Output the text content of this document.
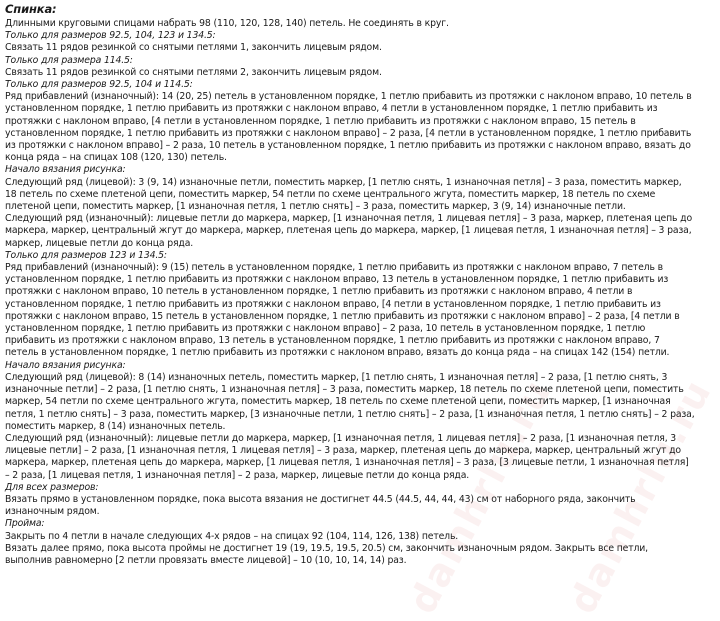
damhrlu.ru damhrlu.ru
Спинка:

Длинными круговыми спицами набрать 98 (110, 120, 128, 140) петель. Не соединять в круг.

Только для размеров 92.5, 104, 123 и 134.5:

Связать 11 рядов резинкой со снятыми петлями 1, закончить лицевым рядом.

Только для размера 114.5:

Связать 11 рядов резинкой со снятыми петлями 2, закончить лицевым рядом.

Только для размеров 92.5, 104 и 114.5:

Ряд прибавлений (изнаночный): 14 (20, 25) петель в установленном порядке, 1 петлю прибавить из протяжки с наклоном вправо, 10 петель в установленном порядке, 1 петлю прибавить из протяжки с наклоном вправо, 4 петли в установленном порядке, 1 петлю прибавить из протяжки с наклоном вправо, [4 петли в установленном порядке, 1 петлю прибавить из протяжки с наклоном вправо, 15 петель в установленном порядке, 1 петлю прибавить из протяжки с наклоном вправо] – 2 раза, [4 петли в установленном порядке, 1 петлю прибавить из протяжки с наклоном вправо] – 2 раза, 10 петель в установленном порядке, 1 петлю прибавить из протяжки с наклоном вправо, вязать до конца ряда – на спицах 108 (120, 130) петель.

Начало вязания рисунка:

Следующий ряд (лицевой): 3 (9, 14) изнаночные петли, поместить маркер, [1 петлю снять, 1 изнаночная петля] – 3 раза, поместить маркер, 18 петель по схеме плетеной цепи, поместить маркер, 54 петли по схеме центрального жгута, поместить маркер, 18 петель по схеме плетеной цепи, поместить маркер, [1 изнаночная петля, 1 петлю снять] – 3 раза, поместить маркер, 3 (9, 14) изнаночные петли.

Следующий ряд (изнаночный): лицевые петли до маркера, маркер, [1 изнаночная петля, 1 лицевая петля] – 3 раза, маркер, плетеная цепь до маркера, маркер, центральный жгут до маркера, маркер, плетеная цепь до маркера, маркер, [1 лицевая петля, 1 изнаночная петля] – 3 раза, маркер, лицевые петли до конца ряда.

Только для размеров 123 и 134.5:

Ряд прибавлений (изнаночный): 9 (15) петель в установленном порядке, 1 петлю прибавить из протяжки с наклоном вправо, 7 петель в установленном порядке, 1 петлю прибавить из протяжки с наклоном вправо, 13 петель в установленном порядке, 1 петлю прибавить из протяжки с наклоном вправо, 10 петель в установленном порядке, 1 петлю прибавить из протяжки с наклоном вправо, 4 петли в установленном порядке, 1 петлю прибавить из протяжки с наклоном вправо, [4 петли в установленном порядке, 1 петлю прибавить из протяжки с наклоном вправо, 15 петель в установленном порядке, 1 петлю прибавить из протяжки с наклоном вправо] – 2 раза, [4 петли в установленном порядке, 1 петлю прибавить из протяжки с наклоном вправо] – 2 раза, 10 петель в установленном порядке, 1 петлю прибавить из протяжки с наклоном вправо, 13 петель в установленном порядке, 1 петлю прибавить из протяжки с наклоном вправо, 7 петель в установленном порядке, 1 петлю прибавить из протяжки с наклоном вправо, вязать до конца ряда – на спицах 142 (154) петли.

Начало вязания рисунка:

Следующий ряд (лицевой): 8 (14) изнаночных петель, поместить маркер, [1 петлю снять, 1 изнаночная петля] – 2 раза, [1 петлю снять, 3 изнаночные петли] – 2 раза, [1 петлю снять, 1 изнаночная петля] – 3 раза, поместить маркер, 18 петель по схеме плетеной цепи, поместить маркер, 54 петли по схеме центрального жгута, поместить маркер, 18 петель по схеме плетеной цепи, поместить маркер, [1 изнаночная петля, 1 петлю снять] – 3 раза, поместить маркер, [3 изнаночные петли, 1 петлю снять] – 2 раза, [1 изнаночная петля, 1 петлю снять] – 2 раза, поместить маркер, 8 (14) изнаночных петель.

Следующий ряд (изнаночный): лицевые петли до маркера, маркер, [1 изнаночная петля, 1 лицевая петля] – 2 раза, [1 изнаночная петля, 3 лицевые петли] – 2 раза, [1 изнаночная петля, 1 лицевая петля] – 3 раза, маркер, плетеная цепь до маркера, маркер, центральный жгут до маркера, маркер, плетеная цепь до маркера, маркер, [1 лицевая петля, 1 изнаночная петля] – 3 раза, [3 лицевые петли, 1 изнаночная петля] – 2 раза, [1 лицевая петля, 1 изнаночная петля] – 2 раза, маркер, лицевые петли до конца ряда.

Для всех размеров:

Вязать прямо в установленном порядке, пока высота вязания не достигнет 44.5 (44.5, 44, 44, 43) см от наборного ряда, закончить изнаночным рядом.

Пройма:

Закрыть по 4 петли в начале следующих 4-х рядов – на спицах 92 (104, 114, 126, 138) петель.

Вязать далее прямо, пока высота проймы не достигнет 19 (19, 19.5, 19.5, 20.5) см, закончить изнаночным рядом. Закрыть все петли, выполнив равномерно [2 петли провязать вместе лицевой] – 10 (10, 10, 14, 14) раз.
